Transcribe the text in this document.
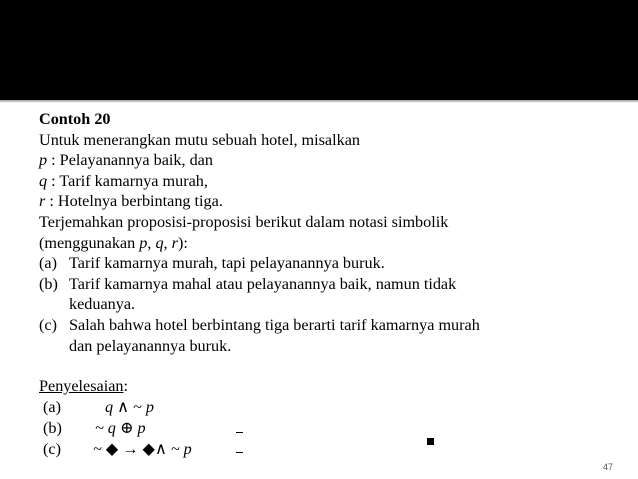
Contoh 20
Untuk menerangkan mutu sebuah hotel, misalkan
p : Pelayanannya baik, dan
q : Tarif kamarnya murah,
r : Hotelnya berbintang tiga.
Terjemahkan proposisi-proposisi berikut dalam notasi simbolik
(menggunakan p, q, r):
(a) Tarif kamarnya murah, tapi pelayanannya buruk.
(b) Tarif kamarnya mahal atau pelayanannya baik, namun tidak
keduanya.
(c) Salah bahwa hotel berbintang tiga berarti tarif kamarnya murah
dan pelayanannya buruk.
Penyelesaian:
(a)	q ∧ ~ p
(b) ~ q ⊕ p
(c) ~ ◆ → ◆∧ ~ p
47
